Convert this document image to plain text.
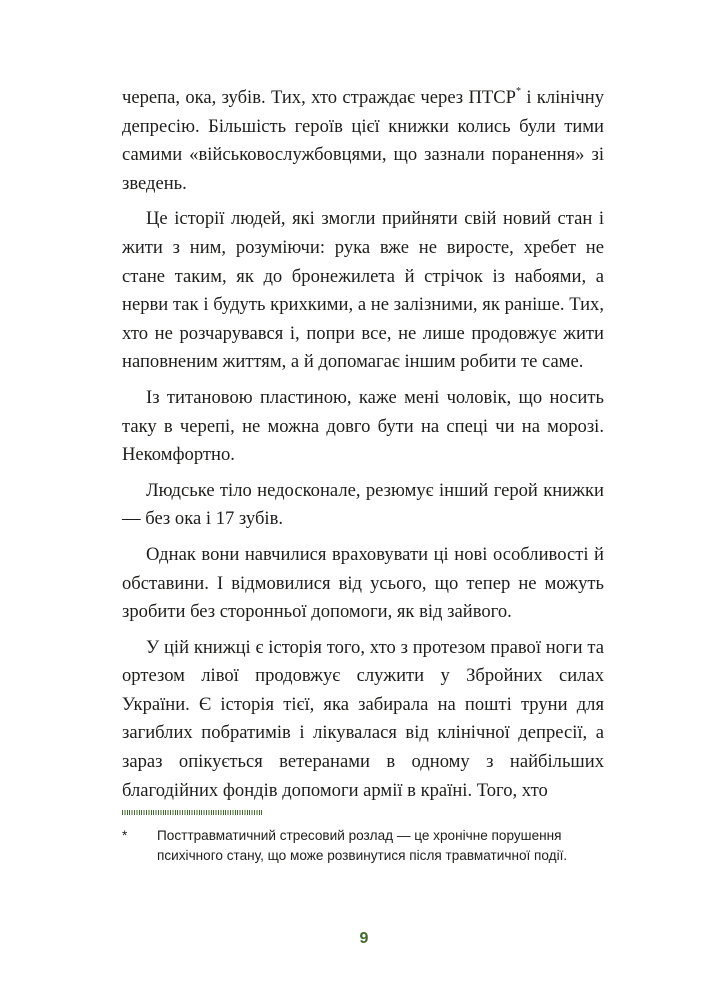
черепа, ока, зубів. Тих, хто страждає через ПТСР* і клінічну депресію. Більшість героїв цієї книжки колись були тими самими «військовослужбовцями, що зазнали поранення» зі зведень.

Це історії людей, які змогли прийняти свій новий стан і жити з ним, розуміючи: рука вже не виросте, хребет не стане таким, як до бронежилета й стрічок із набоями, а нерви так і будуть крихкими, а не залізними, як раніше. Тих, хто не розчарувався і, попри все, не лише продовжує жити наповненим життям, а й допомагає іншим робити те саме.

Із титановою пластиною, каже мені чоловік, що носить таку в черепі, не можна довго бути на спеці чи на морозі. Некомфортно.

Людське тіло недосконале, резюмує інший герой книжки — без ока і 17 зубів.

Однак вони навчилися враховувати ці нові особливості й обставини. І відмовилися від усього, що тепер не можуть зробити без сторонньої допомоги, як від зайвого.

У цій книжці є історія того, хто з протезом правої ноги та ортезом лівої продовжує служити у Збройних силах України. Є історія тієї, яка забирала на пошті труни для загиблих побратимів і лікувалася від клінічної депресії, а зараз опікується ветеранами в одному з найбільших благодійних фондів допомоги армії в країні. Того, хто

* Посттравматичний стресовий розлад — це хронічне порушення психічного стану, що може розвинутися після травматичної події.
9
